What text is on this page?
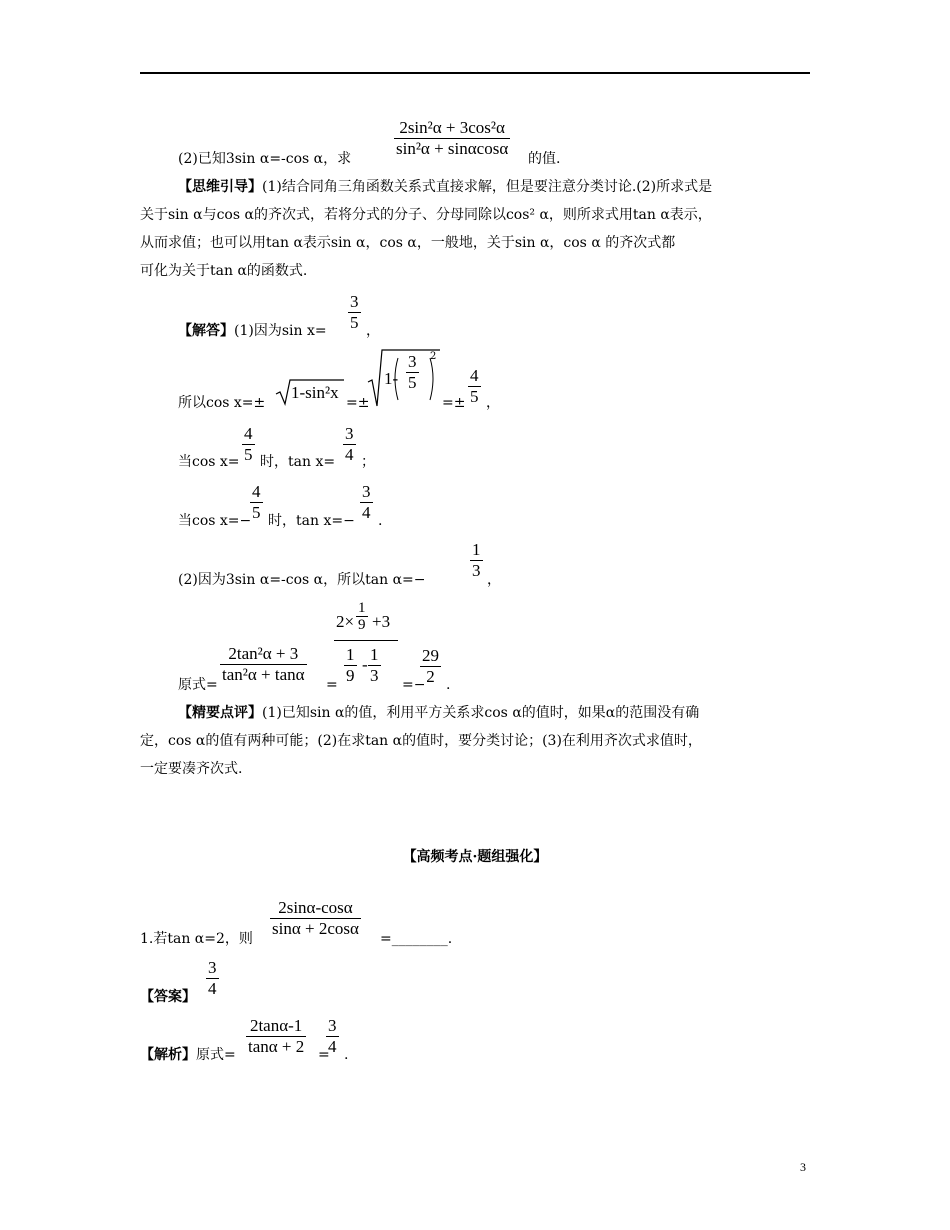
$\frac{\text{2sin²α + 3cos²α}}{\text{sin²α + sinαcosα}}$
(2)已知3sin α=-cos α，求	的值.
【思维引导】(1)结合同角三角函数关系式直接求解，但是要注意分类讨论.(2)所求式是
关于sin α与cos α的齐次式，若将分式的分子、分母同除以cos² α，则所求式用tan α表示，
从而求值；也可以用tan α表示sin α，cos α，一般地，关于sin α，cos α 的齐次式都
可化为关于tan α的函数式.
【解答】(1)因为$\sin x= \frac{3}{5}$ ，
所以cos x=±
1-sin²x
=±
$1- \frac{3}{5} 2$
=± $\frac{4}{5}$ ，
当$\cos x= \frac{4}{5}$ 时，$\tan x= \frac{3}{4}$ ；
当cos x=−
$\frac{4}{5}$ 时，$\tan x=- \frac{3}{4}$ .
(2)因为3sin α=-cos α，所以tan α=−	$\frac{1}{3}$ ，
原式= $\frac{\text{2tan²α + 3}}{\text{tan²α + tanα}}$ =
$2\times \frac{1}{9} +3$
$\frac{1}{9} - \frac{1}{3}$ =−
$\frac{29}{2}$ .
【精要点评】(1)已知sin α的值，利用平方关系求cos α的值时，如果α的范围没有确
定，cos α的值有两种可能；(2)在求tan α的值时，要分类讨论；(3)在利用齐次式求值时，
一定要凑齐次式.
【高频考点·题组强化】
$\frac{2\sin\alpha-\cos\alpha}{\sin\alpha + 2\cos\alpha}$
1.若tan α=2，则	=________.
【答案】 $\frac{3}{4}$
【解析】原式= $\frac{2\tan\alpha-1}{\tan\alpha + 2}$ =
$\frac{3}{4}$ .
3
